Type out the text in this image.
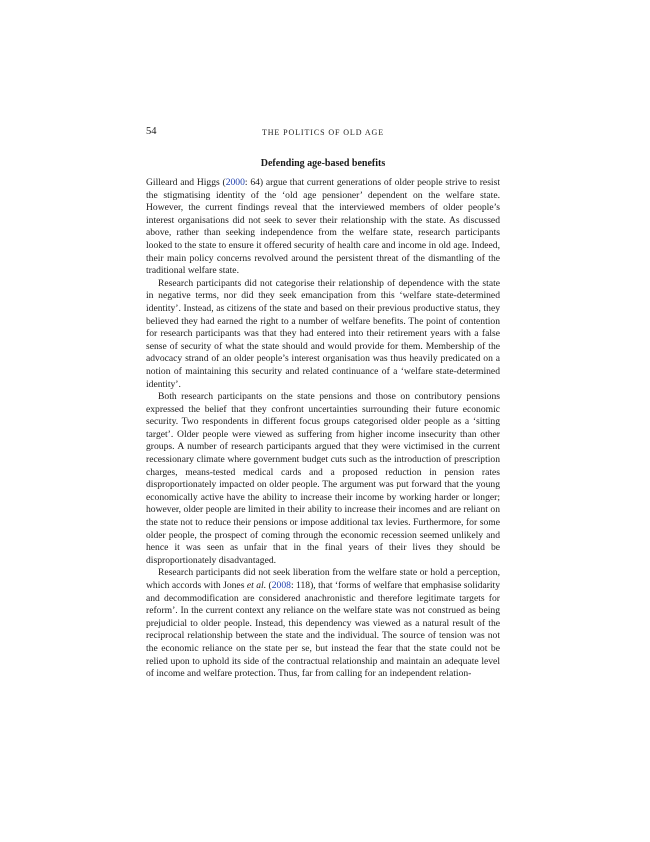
54	THE POLITICS OF OLD AGE
Defending age-based benefits

Gilleard and Higgs (2000: 64) argue that current generations of older people strive to resist the stigmatising identity of the ‘old age pensioner’ dependent on the welfare state. However, the current findings reveal that the interviewed members of older people’s interest organisations did not seek to sever their relationship with the state. As discussed above, rather than seeking independence from the welfare state, research participants looked to the state to ensure it offered security of health care and income in old age. Indeed, their main policy concerns revolved around the persistent threat of the dismantling of the traditional welfare state.

Research participants did not categorise their relationship of dependence with the state in negative terms, nor did they seek emancipation from this ‘welfare state-determined identity’. Instead, as citizens of the state and based on their previous productive status, they believed they had earned the right to a number of welfare benefits. The point of contention for research participants was that they had entered into their retirement years with a false sense of security of what the state should and would provide for them. Membership of the advocacy strand of an older people’s interest organisation was thus heavily predicated on a notion of maintaining this security and related continuance of a ‘welfare state-determined identity’.

Both research participants on the state pensions and those on contributory pensions expressed the belief that they confront uncertainties surrounding their future economic security. Two respondents in different focus groups categorised older people as a ‘sitting target’. Older people were viewed as suffering from higher income insecurity than other groups. A number of research participants argued that they were victimised in the current recessionary climate where government budget cuts such as the introduction of prescription charges, means-tested medical cards and a proposed reduction in pension rates disproportionately impacted on older people. The argument was put forward that the young economically active have the ability to increase their income by working harder or longer; however, older people are limited in their ability to increase their incomes and are reliant on the state not to reduce their pensions or impose additional tax levies. Furthermore, for some older people, the prospect of coming through the economic recession seemed unlikely and hence it was seen as unfair that in the final years of their lives they should be disproportionately disadvantaged.

Research participants did not seek liberation from the welfare state or hold a perception, which accords with Jones et al. (2008: 118), that ‘forms of welfare that emphasise solidarity and decommodification are considered anachronistic and therefore legitimate targets for reform’. In the current context any reliance on the welfare state was not construed as being prejudicial to older people. Instead, this dependency was viewed as a natural result of the reciprocal relationship between the state and the individual. The source of tension was not the economic reliance on the state per se, but instead the fear that the state could not be relied upon to uphold its side of the contractual relationship and maintain an adequate level of income and welfare protection. Thus, far from calling for an independent relation-
